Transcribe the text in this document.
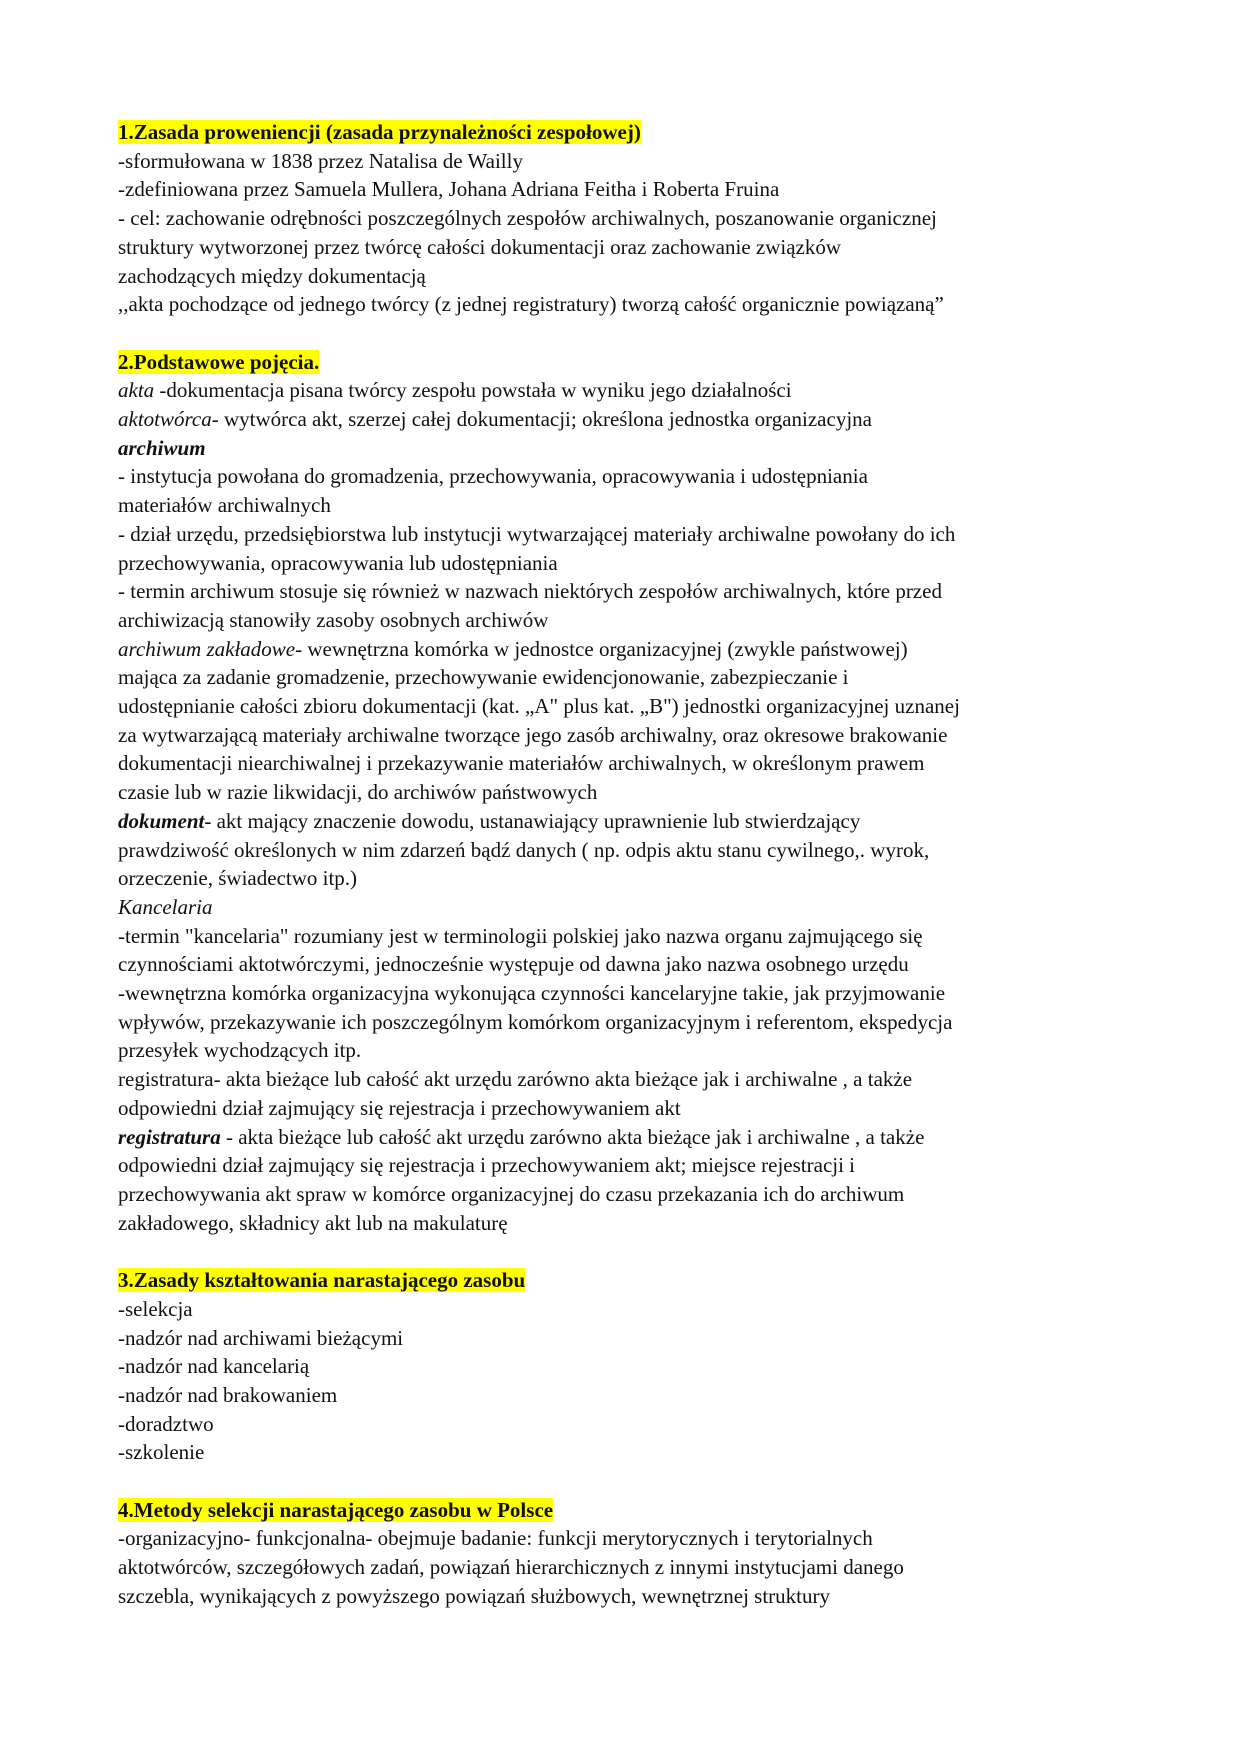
1.Zasada proweniencji (zasada przynależności zespołowej)

-sformułowana w 1838 przez Natalisa de Wailly

-zdefiniowana przez Samuela Mullera, Johana Adriana Feitha i Roberta Fruina

- cel: zachowanie odrębności poszczególnych zespołów archiwalnych, poszanowanie organicznej

struktury wytworzonej przez twórcę całości dokumentacji oraz zachowanie związków

zachodzących między dokumentacją

,,akta pochodzące od jednego twórcy (z jednej registratury) tworzą całość organicznie powiązaną”

2.Podstawowe pojęcia.

akta -dokumentacja pisana twórcy zespołu powstała w wyniku jego działalności

aktotwórca- wytwórca akt, szerzej całej dokumentacji; określona jednostka organizacyjna

archiwum

- instytucja powołana do gromadzenia, przechowywania, opracowywania i udostępniania

materiałów archiwalnych

- dział urzędu, przedsiębiorstwa lub instytucji wytwarzającej materiały archiwalne powołany do ich

przechowywania, opracowywania lub udostępniania

- termin archiwum stosuje się również w nazwach niektórych zespołów archiwalnych, które przed

archiwizacją stanowiły zasoby osobnych archiwów

archiwum zakładowe- wewnętrzna komórka w jednostce organizacyjnej (zwykle państwowej)

mająca za zadanie gromadzenie, przechowywanie ewidencjonowanie, zabezpieczanie i

udostępnianie całości zbioru dokumentacji (kat. „A" plus kat. „B") jednostki organizacyjnej uznanej

za wytwarzającą materiały archiwalne tworzące jego zasób archiwalny, oraz okresowe brakowanie

dokumentacji niearchiwalnej i przekazywanie materiałów archiwalnych, w określonym prawem

czasie lub w razie likwidacji, do archiwów państwowych

dokument- akt mający znaczenie dowodu, ustanawiający uprawnienie lub stwierdzający

prawdziwość określonych w nim zdarzeń bądź danych ( np. odpis aktu stanu cywilnego,. wyrok,

orzeczenie, świadectwo itp.)

Kancelaria

-termin "kancelaria" rozumiany jest w terminologii polskiej jako nazwa organu zajmującego się

czynnościami aktotwórczymi, jednocześnie występuje od dawna jako nazwa osobnego urzędu

-wewnętrzna komórka organizacyjna wykonująca czynności kancelaryjne takie, jak przyjmowanie

wpływów, przekazywanie ich poszczególnym komórkom organizacyjnym i referentom, ekspedycja

przesyłek wychodzących itp.

registratura- akta bieżące lub całość akt urzędu zarówno akta bieżące jak i archiwalne , a także

odpowiedni dział zajmujący się rejestracja i przechowywaniem akt

registratura - akta bieżące lub całość akt urzędu zarówno akta bieżące jak i archiwalne , a także

odpowiedni dział zajmujący się rejestracja i przechowywaniem akt; miejsce rejestracji i

przechowywania akt spraw w komórce organizacyjnej do czasu przekazania ich do archiwum

zakładowego, składnicy akt lub na makulaturę

3.Zasady kształtowania narastającego zasobu

-selekcja

-nadzór nad archiwami bieżącymi

-nadzór nad kancelarią

-nadzór nad brakowaniem

-doradztwo

-szkolenie

4.Metody selekcji narastającego zasobu w Polsce

-organizacyjno- funkcjonalna- obejmuje badanie: funkcji merytorycznych i terytorialnych

aktotwórców, szczegółowych zadań, powiązań hierarchicznych z innymi instytucjami danego

szczebla, wynikających z powyższego powiązań służbowych, wewnętrznej struktury
